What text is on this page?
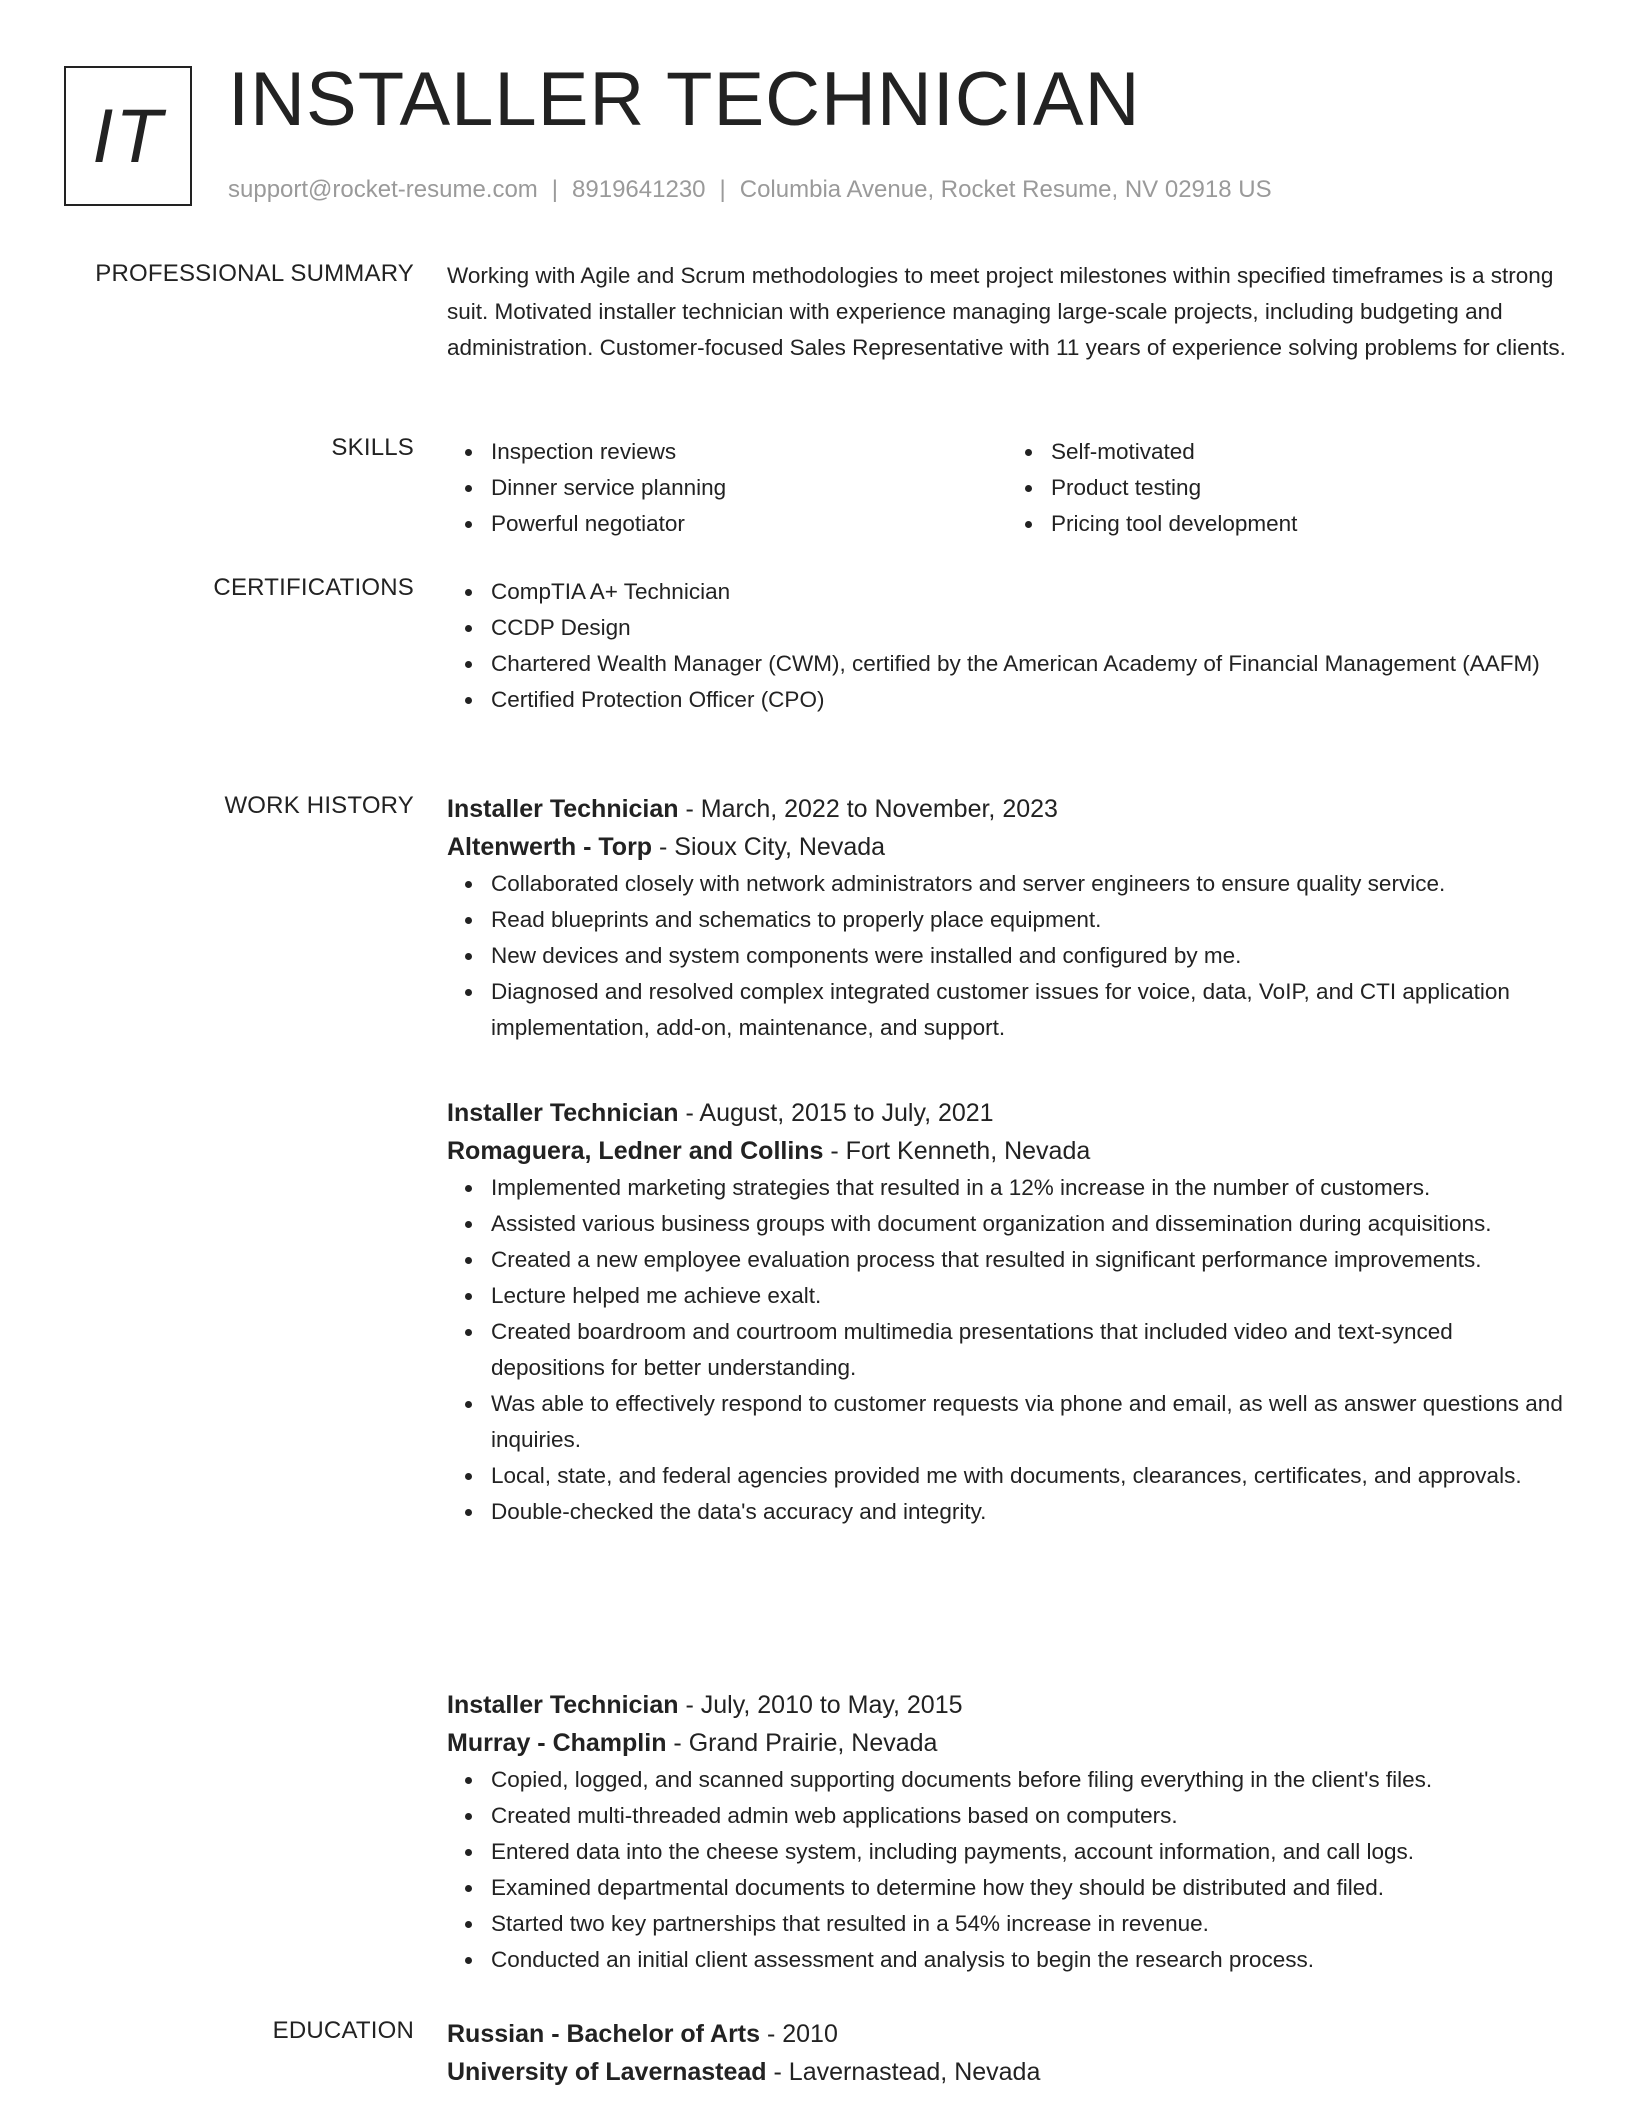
IT INSTALLER TECHNICIAN
support@rocket-resume.com | 8919641230 | Columbia Avenue, Rocket Resume, NV 02918 US
PROFESSIONAL SUMMARY Working with Agile and Scrum methodologies to meet project milestones within specified timeframes is a strong suit. Motivated installer technician with experience managing large-scale projects, including budgeting and administration. Customer-focused Sales Representative with 11 years of experience solving problems for clients.

SKILLS	Inspection reviews
Dinner service planning
Powerful negotiator
Self-motivated
Product testing
Pricing tool development
CERTIFICATIONS	CompTIA A+ Technician
CCDP Design
Chartered Wealth Manager (CWM), certified by the American Academy of Financial Management (AAFM)
Certified Protection Officer (CPO)
WORK HISTORY Installer Technician - March, 2022 to November, 2023
Altenwerth - Torp - Sioux City, Nevada
Collaborated closely with network administrators and server engineers to ensure quality service.
Read blueprints and schematics to properly place equipment.
New devices and system components were installed and configured by me.
Diagnosed and resolved complex integrated customer issues for voice, data, VoIP, and CTI application implementation, add-on, maintenance, and support.
Installer Technician - August, 2015 to July, 2021
Romaguera, Ledner and Collins - Fort Kenneth, Nevada
Implemented marketing strategies that resulted in a 12% increase in the number of customers.
Assisted various business groups with document organization and dissemination during acquisitions.
Created a new employee evaluation process that resulted in significant performance improvements.
Lecture helped me achieve exalt.
Created boardroom and courtroom multimedia presentations that included video and text-synced depositions for better understanding.
Was able to effectively respond to customer requests via phone and email, as well as answer questions and inquiries.
Local, state, and federal agencies provided me with documents, clearances, certificates, and approvals.
Double-checked the data's accuracy and integrity.
Installer Technician - July, 2010 to May, 2015
Murray - Champlin - Grand Prairie, Nevada
Copied, logged, and scanned supporting documents before filing everything in the client's files.
Created multi-threaded admin web applications based on computers.
Entered data into the cheese system, including payments, account information, and call logs.
Examined departmental documents to determine how they should be distributed and filed.
Started two key partnerships that resulted in a 54% increase in revenue.
Conducted an initial client assessment and analysis to begin the research process.
EDUCATION Russian - Bachelor of Arts - 2010
University of Lavernastead - Lavernastead, Nevada
